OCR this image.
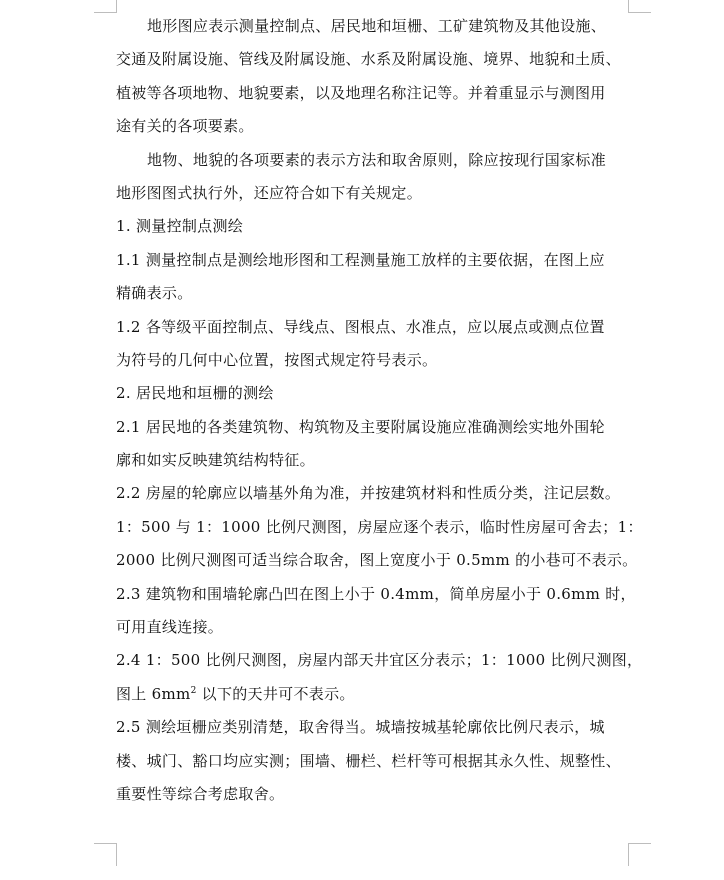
地形图应表示测量控制点、居民地和垣栅、工矿建筑物及其他设施、
交通及附属设施、管线及附属设施、水系及附属设施、境界、地貌和土质、
植被等各项地物、地貌要素，以及地理名称注记等。并着重显示与测图用
途有关的各项要素。
地物、地貌的各项要素的表示方法和取舍原则，除应按现行国家标准
地形图图式执行外，还应符合如下有关规定。
1. 测量控制点测绘
1.1 测量控制点是测绘地形图和工程测量施工放样的主要依据，在图上应
精确表示。
1.2 各等级平面控制点、导线点、图根点、水准点，应以展点或测点位置
为符号的几何中心位置，按图式规定符号表示。
2. 居民地和垣栅的测绘
2.1 居民地的各类建筑物、构筑物及主要附属设施应准确测绘实地外围轮
廓和如实反映建筑结构特征。
2.2 房屋的轮廓应以墙基外角为准，并按建筑材料和性质分类，注记层数。
1：500 与 1：1000 比例尺测图，房屋应逐个表示，临时性房屋可舍去；1：
2000 比例尺测图可适当综合取舍，图上宽度小于 0.5mm 的小巷可不表示。
2.3 建筑物和围墙轮廓凸凹在图上小于 0.4mm，简单房屋小于 0.6mm 时，
可用直线连接。
2.4 1：500 比例尺测图，房屋内部天井宜区分表示；1：1000 比例尺测图，
图上 $6mm^2$ 以下的天井可不表示。
2.5 测绘垣栅应类别清楚，取舍得当。城墙按城基轮廓依比例尺表示，城
楼、城门、豁口均应实测；围墙、栅栏、栏杆等可根据其永久性、规整性、
重要性等综合考虑取舍。
